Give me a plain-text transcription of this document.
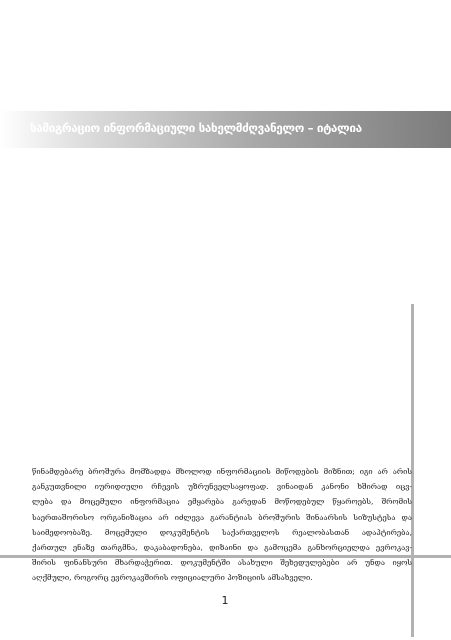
სამიგრაციო ინფორმაციული სახელმძღვანელო – იტალია
წინამდებარე ბროშურა მომზადდა მხოლოდ ინფორმაციის მიწოდების მიზნით; იგი არ არის
განკუთვნილი იურიდიული რჩევის უზრუნველსაყოფად. ვინაიდან კანონი ხშირად იცვ-
ლება და მოცემული ინფორმაცია ემყარება გარედან მოწოდებულ წყაროებს, შრომის
საერთაშორისო ორგანიზაცია არ იძლევა გარანტიას ბროშურის შინაარსის სიზუსტესა და
საიმედოობაზე. მოცემული დოკუმენტის საქართველოს რეალობასთან ადაპტირება,
ქართულ ენაზე თარგმნა, დაკაბადონება, დიზაინი და გამოცემა განხორციელდა ევროკავ-
შირის ფინანსური მხარდაჭერით. დოკუმენტში ასახული შეხედულებები არ უნდა იყოს
აღქმული, როგორც ევროკავშირის ოფიციალური პოზიციის ამსახველი.
1
